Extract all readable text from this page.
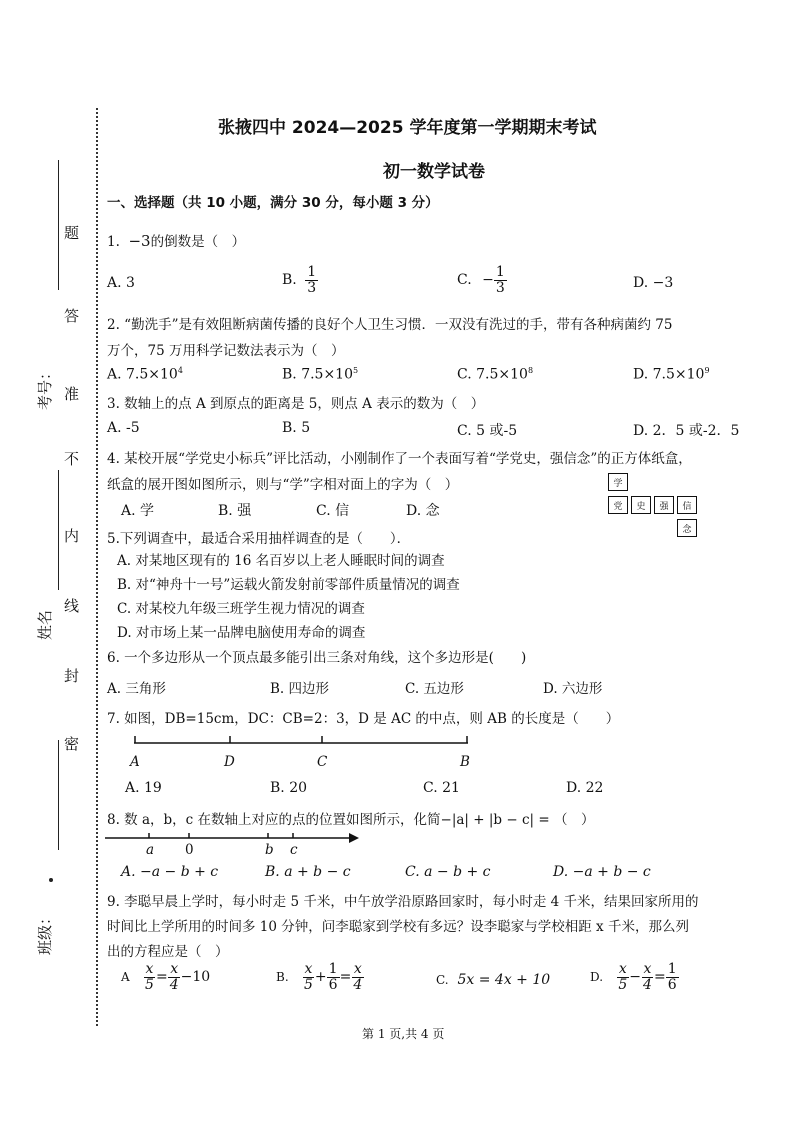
题
答
准
不
内
线
封
密
考号：
姓名
班级：
张掖四中 2024—2025 学年度第一学期期末考试
初一数学试卷
一、选择题（共 10 小题，满分 30 分，每小题 3 分）
1. −3的倒数是（　）
A. 3	B. $\frac{1}{3}$	C. − $\frac{1}{3}$	D. −3
2. “勤洗手”是有效阻断病菌传播的良好个人卫生习惯．一双没有洗过的手，带有各种病菌约 75
万个，75 万用科学记数法表示为（　）
A. $7.5\times 10^4$	B. $7.5\times 10^5$	C. $7.5\times 10^8$	D. $7.5\times 10^9$
3. 数轴上的点 A 到原点的距离是 5，则点 A 表示的数为（　）
A. -5	B. 5	C. 5 或-5	D. 2．5 或-2．5
4. 某校开展“学党史小标兵”评比活动，小刚制作了一个表面写着“学党史，强信念”的正方体纸盒，
纸盒的展开图如图所示，则与“学”字相对面上的字为（　）
A. 学	B. 强	C. 信	D. 念
学
党	史	强	信
念
5.下列调查中，最适合采用抽样调查的是（　　）．
A. 对某地区现有的 16 名百岁以上老人睡眠时间的调查
B. 对“神舟十一号”运载火箭发射前零部件质量情况的调查
C. 对某校九年级三班学生视力情况的调查
D. 对市场上某一品牌电脑使用寿命的调查
6. 一个多边形从一个顶点最多能引出三条对角线，这个多边形是(　　)
A. 三角形	B. 四边形	C. 五边形	D. 六边形
7. 如图，DB=15cm，DC：CB=2：3，D 是 AC 的中点，则 AB 的长度是（　　）
A	D	C	B
A. 19	B. 20	C. 21	D. 22
8. 数 a，b，c 在数轴上对应的点的位置如图所示，化简−|a| + |b − c| = （　）
a 0	b c
A. −a − b + c	B. a + b − c	C. a − b + c	D. −a + b − c
9. 李聪早晨上学时，每小时走 5 千米，中午放学沿原路回家时，每小时走 4 千米，结果回家所用的
时间比上学所用的时间多 10 分钟，问李聪家到学校有多远？设李聪家与学校相距 x 千米，那么列
出的方程应是（　）
A $\frac{x}{5} = \frac{x}{4} -10$	B. $\frac{x}{5} + \frac{1}{6} = \frac{x}{4}$	C. 5x = 4x + 10	D. $\frac{x}{5} - \frac{x}{4} = \frac{1}{6}$
第 1 页,共 4 页
